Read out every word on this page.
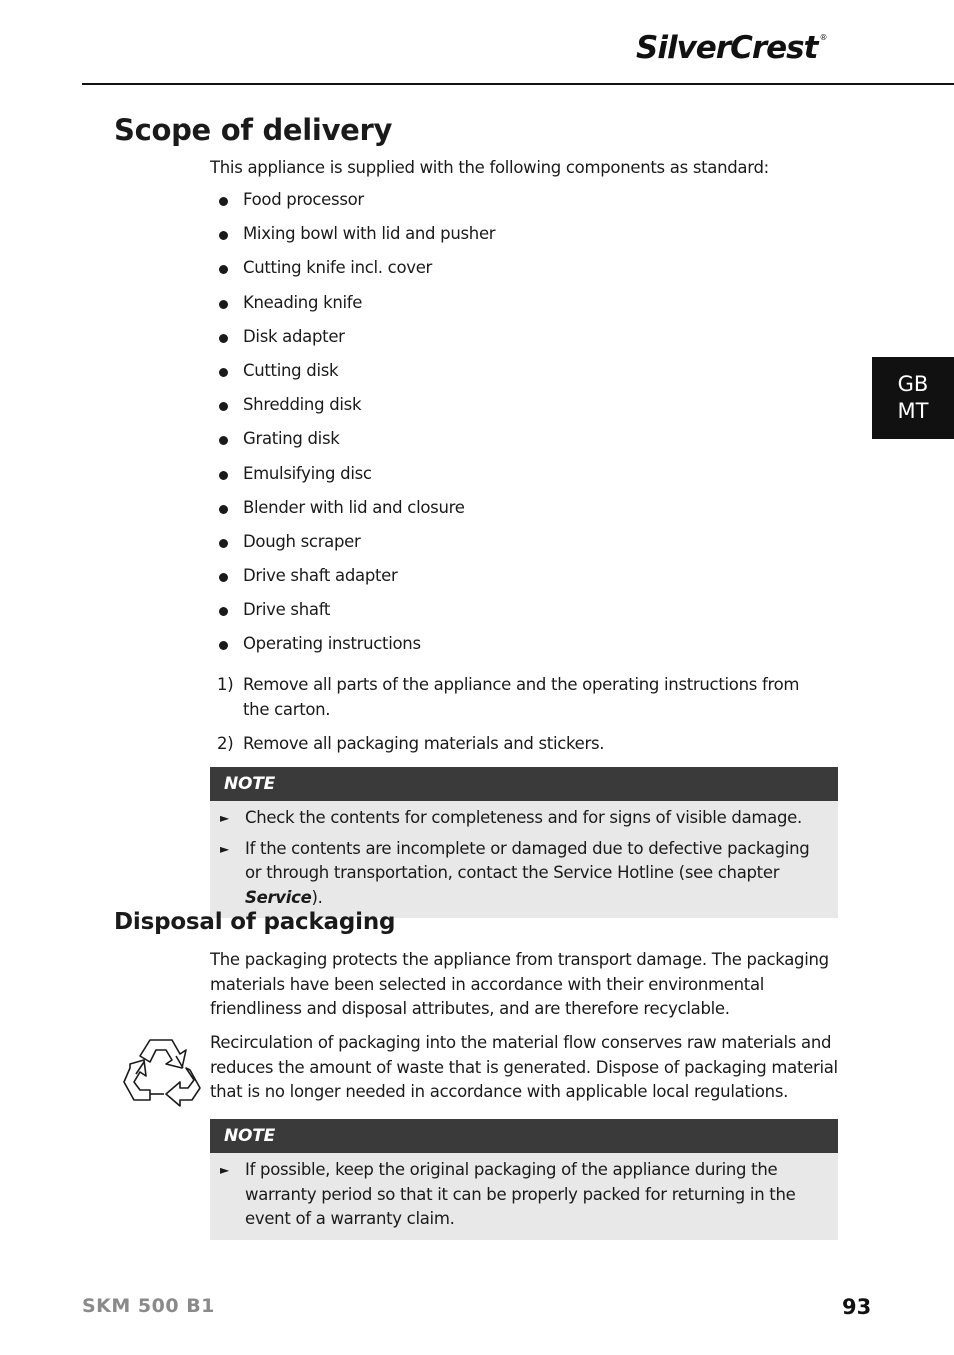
SilverCrest ®
GB
MT
Scope of delivery
This appliance is supplied with the following components as standard:
Food processor
Mixing bowl with lid and pusher
Cutting knife incl. cover
Kneading knife
Disk adapter
Cutting disk
Shredding disk
Grating disk
Emulsifying disc
Blender with lid and closure
Dough scraper
Drive shaft adapter
Drive shaft
Operating instructions
1) Remove all parts of the appliance and the operating instructions from the carton.
2) Remove all packaging materials and stickers.
NOTE
► Check the contents for completeness and for signs of visible damage.
► If the contents are incomplete or damaged due to defective packaging or through transportation, contact the Service Hotline (see chapter Service).
Disposal of packaging
The packaging protects the appliance from transport damage. The packaging materials have been selected in accordance with their environmental friendliness and disposal attributes, and are therefore recyclable.
Recirculation of packaging into the material flow conserves raw materials and reduces the amount of waste that is generated. Dispose of packaging material that is no longer needed in accordance with applicable local regulations.
NOTE
► If possible, keep the original packaging of the appliance during the warranty period so that it can be properly packed for returning in the event of a warranty claim.
SKM 500 B1	93
